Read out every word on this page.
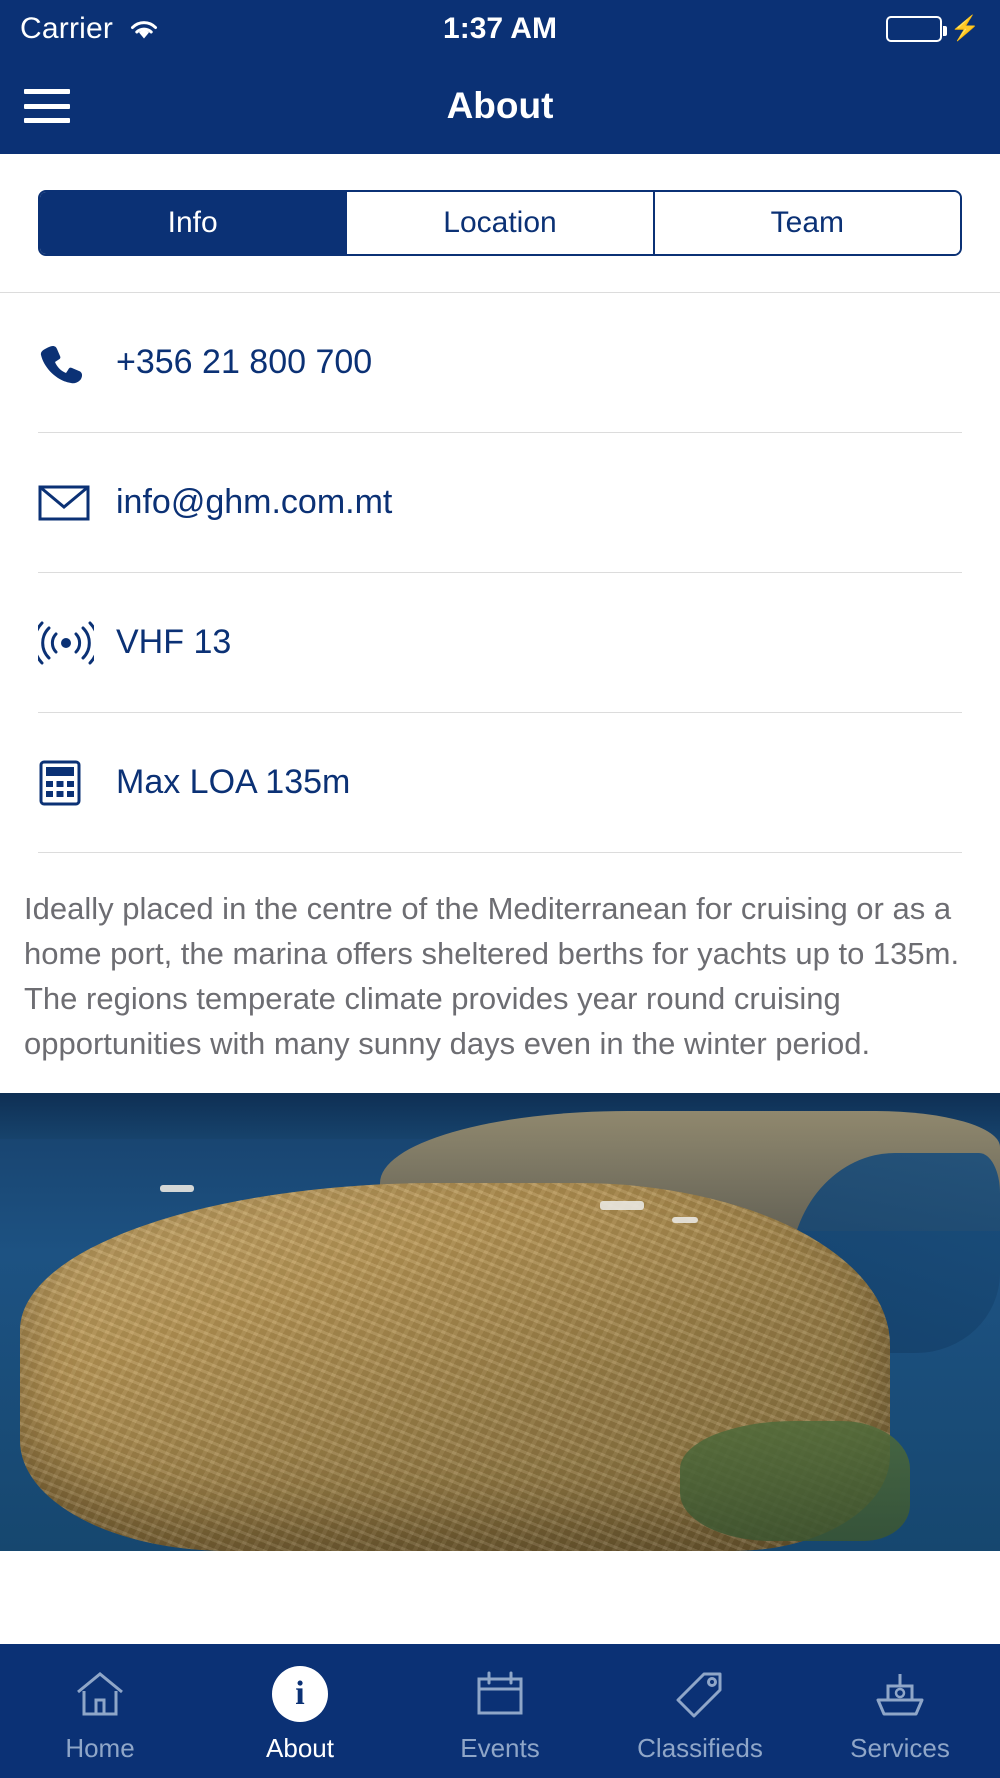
Carrier	1:37 AM	⚡
About
Info	Location	Team
+356 21 800 700
info@ghm.com.mt
VHF 13
Max LOA 135m
Ideally placed in the centre of the Mediterranean for cruising or as a home port, the marina offers sheltered berths for yachts up to 135m. The regions temperate climate provides year round cruising opportunities with many sunny days even in the winter period.
Home
i
About	Events	Classifieds	Services
